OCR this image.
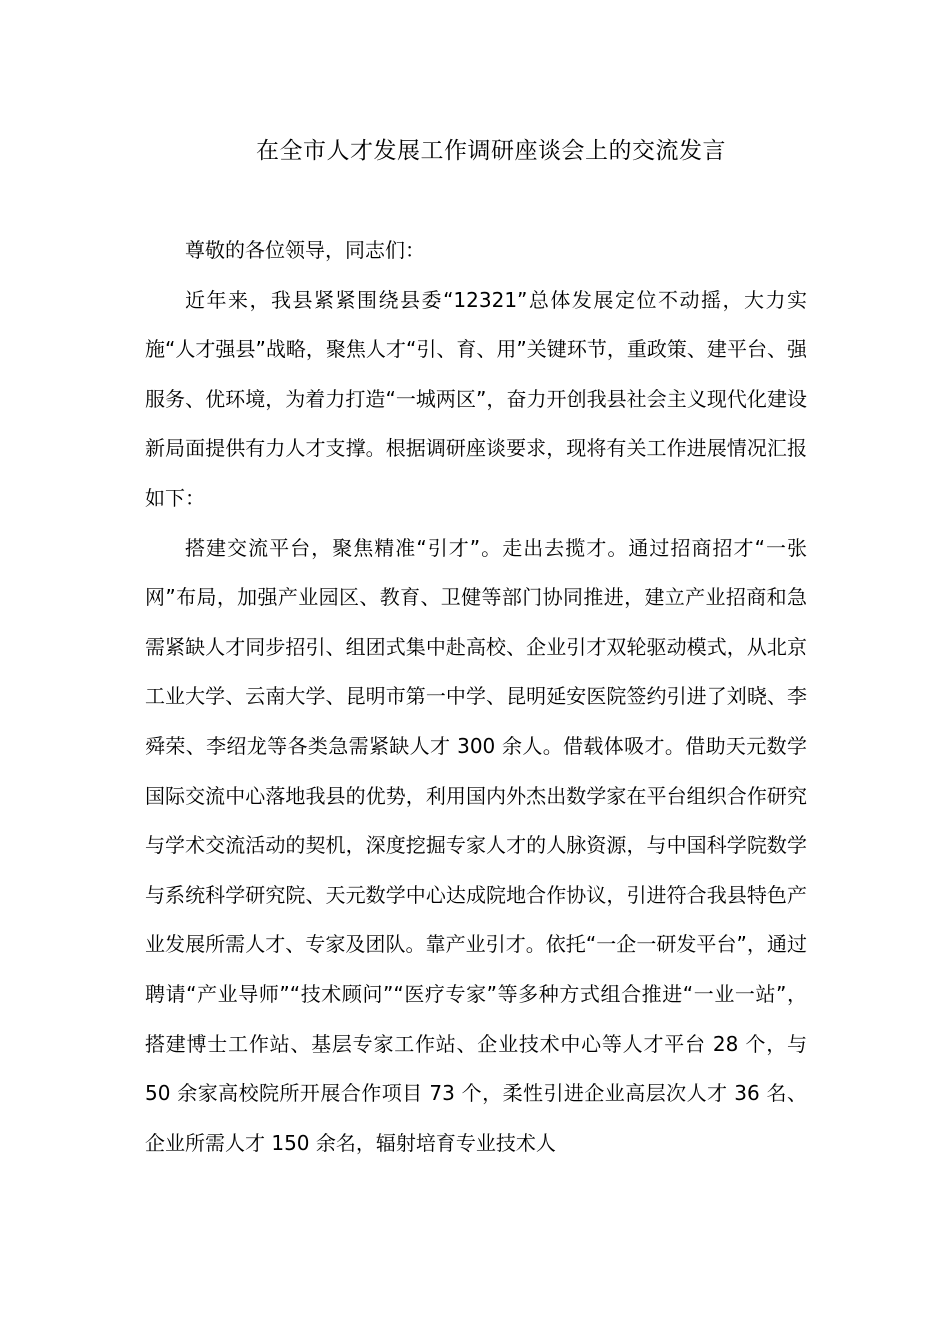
在全市人才发展工作调研座谈会上的交流发言

尊敬的各位领导，同志们：

近年来，我县紧紧围绕县委“12321”总体发展定位不动摇，大力实施“人才强县”战略，聚焦人才“引、育、用”关键环节，重政策、建平台、强服务、优环境，为着力打造“一城两区”，奋力开创我县社会主义现代化建设新局面提供有力人才支撑。根据调研座谈要求，现将有关工作进展情况汇报如下：

搭建交流平台，聚焦精准“引才”。走出去揽才。通过招商招才“一张网”布局，加强产业园区、教育、卫健等部门协同推进，建立产业招商和急需紧缺人才同步招引、组团式集中赴高校、企业引才双轮驱动模式，从北京工业大学、云南大学、昆明市第一中学、昆明延安医院签约引进了刘晓、李舜荣、李绍龙等各类急需紧缺人才 300 余人。借载体吸才。借助天元数学国际交流中心落地我县的优势，利用国内外杰出数学家在平台组织合作研究与学术交流活动的契机，深度挖掘专家人才的人脉资源，与中国科学院数学与系统科学研究院、天元数学中心达成院地合作协议，引进符合我县特色产业发展所需人才、专家及团队。靠产业引才。依托“一企一研发平台”，通过聘请“产业导师”“技术顾问”“医疗专家”等多种方式组合推进“一业一站”，搭建博士工作站、基层专家工作站、企业技术中心等人才平台 28 个，与 50 余家高校院所开展合作项目 73 个，柔性引进企业高层次人才 36 名、企业所需人才 150 余名，辐射培育专业技术人
